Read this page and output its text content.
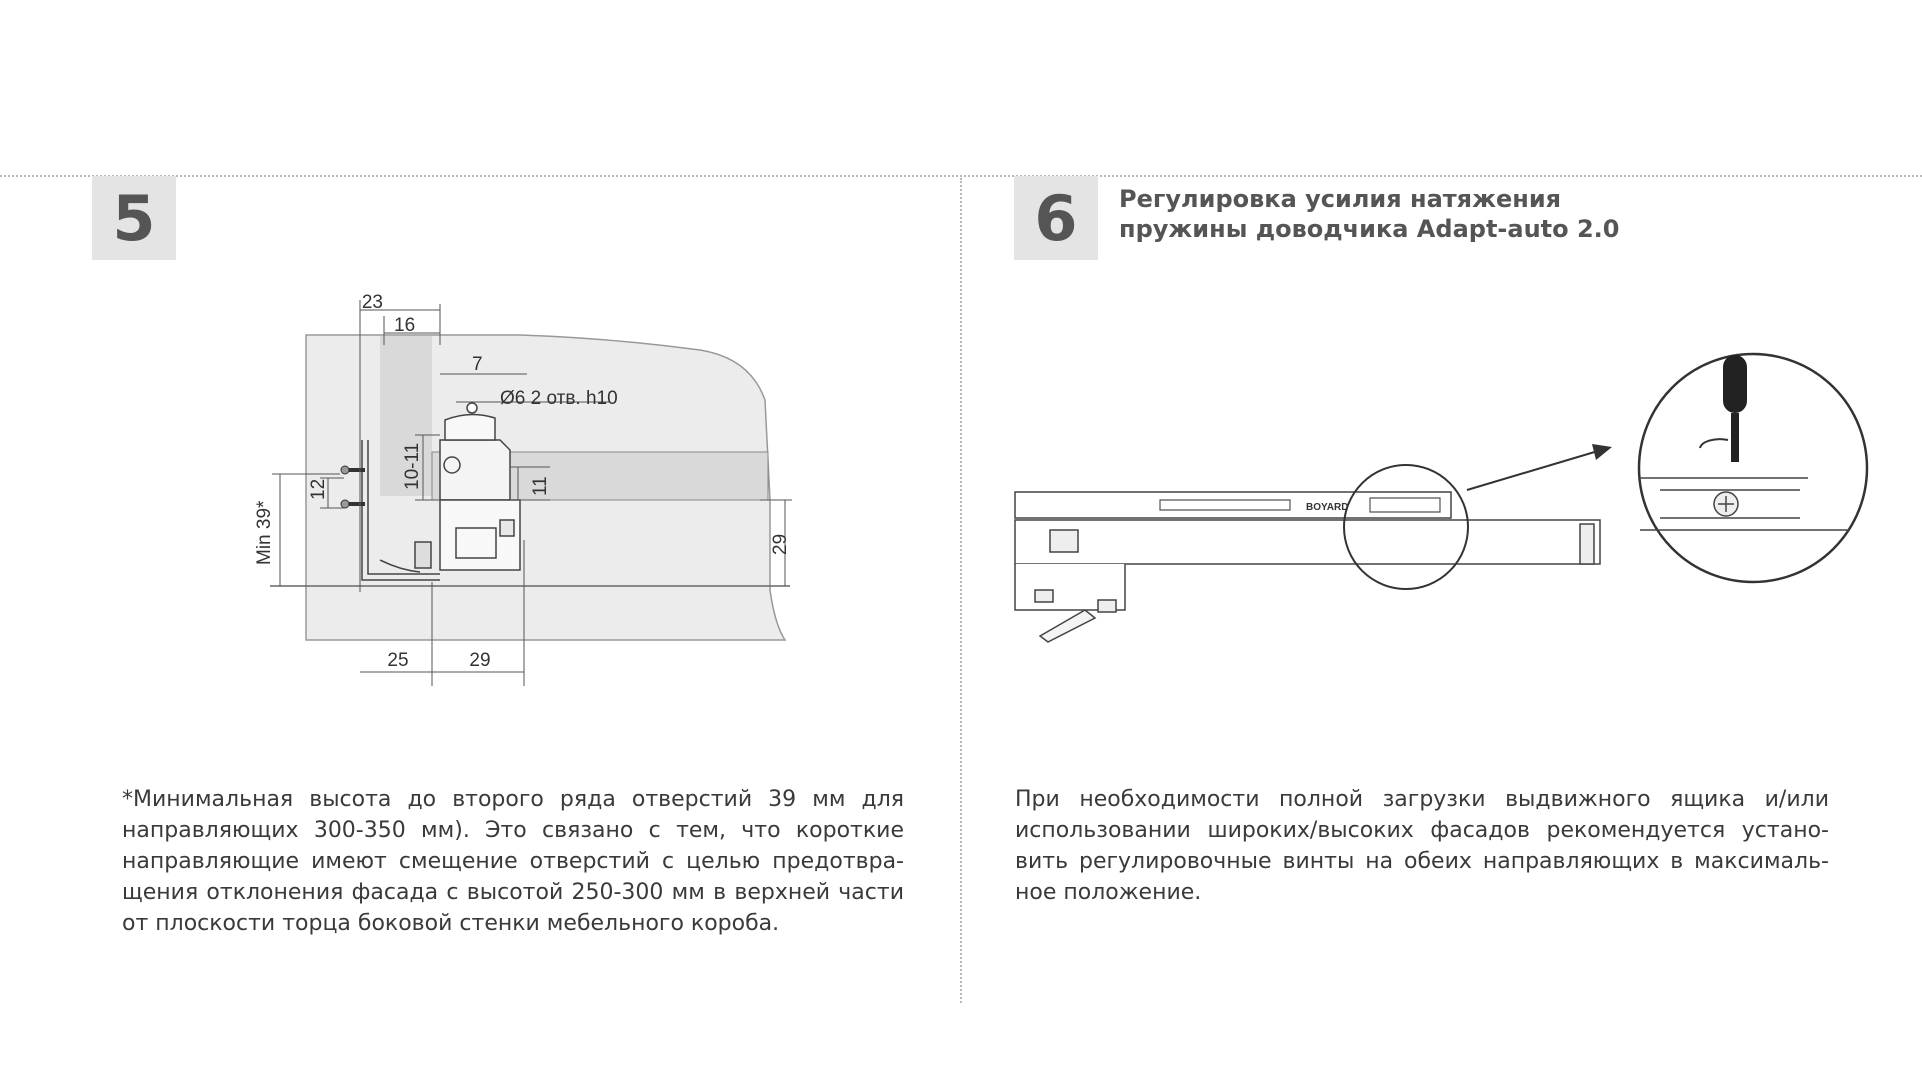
5	6	Регулировка усилия натяжения
пружины доводчика Adapt-auto 2.0
23
16
7
Ø6 2 отв. h10
10-11
12	11
Min 39*	29
25	29
BOYARD
*Минимальная высота до второго ряда отверстий 39 мм для направляющих 300-350 мм). Это связано с тем, что короткие направляющие имеют смещение отверстий с целью предотвращения отклонения фасада с высотой 250-300 мм в верхней части от плоскости торца боковой стенки мебельного короба.
При необходимости полной загрузки выдвижного ящика и/или использовании широких/высоких фасадов рекомендуется установить регулировочные винты на обеих направляющих в максимальное положение.
